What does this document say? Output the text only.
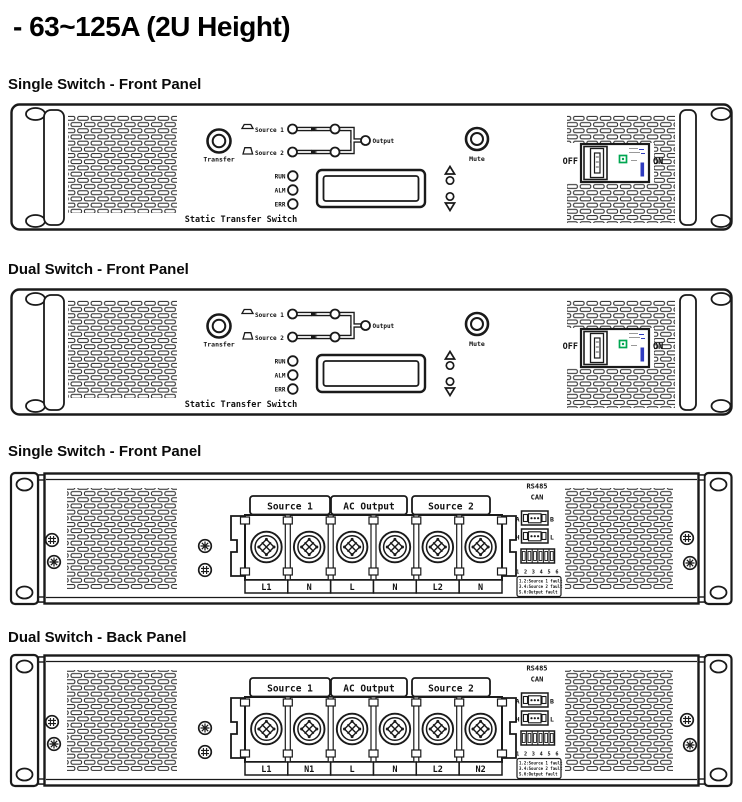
- 63~125A (2U Height)
Single Switch - Front Panel
Dual Switch - Front Panel
Single Switch - Front Panel
Dual Switch - Back Panel
Transfer
Source 1
Source 2
Output
RUN
ALM
ERR
Static Transfer Switch
Mute	OFF	ON
Transfer
Source 1
Source 2
Output
RUN
ALM
ERR
Static Transfer Switch
Mute	OFF	ON
Source 1	AC Output	Source 2
L1	N	L	N	L2	N
RS485
CAN
A	B
H	L
1 2 3 4 5 6
1.2:Source 1 fault
3.4:Source 2 fault
5.6:Output fault
Source 1	AC Output	Source 2
L1	N1	L	N	L2	N2
RS485
CAN
A	B
H	L
1 2 3 4 5 6
1.2:Source 1 fault
3.4:Source 2 fault
5.6:Output fault
